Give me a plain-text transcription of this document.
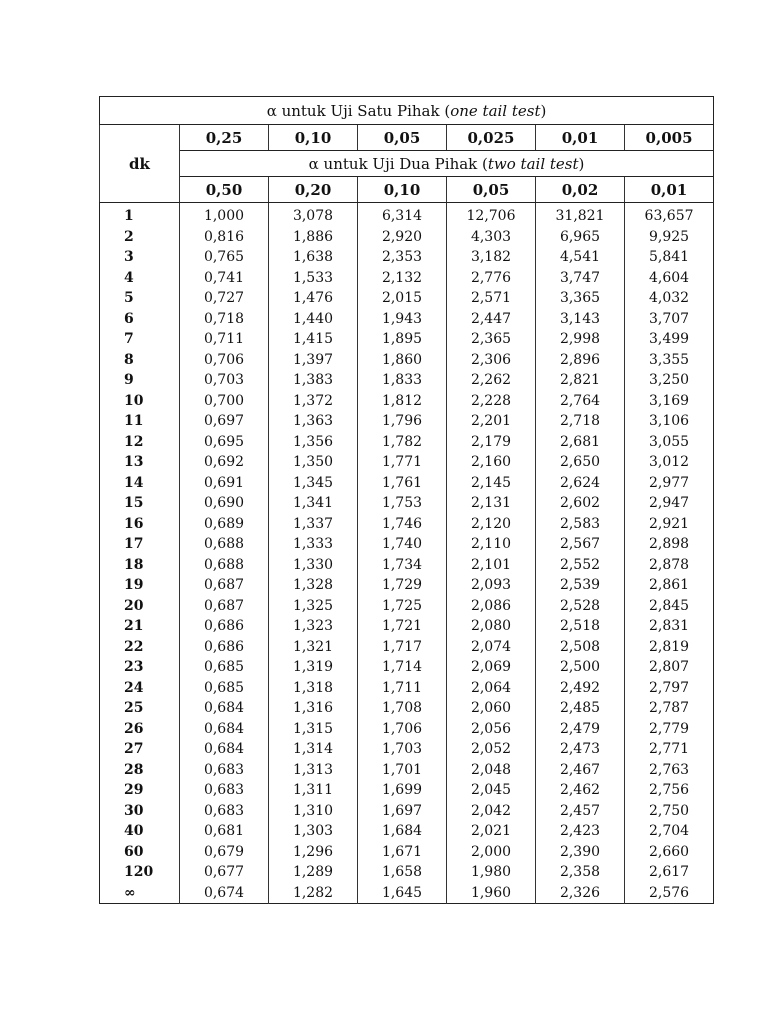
α untuk Uji Satu Pihak (one tail test)						
dk	0,25	0,10	0,05	0,025	0,01	0,005
	α untuk Uji Dua Pihak (two tail test)					
	0,50	0,20	0,10	0,05	0,02	0,01
1	1,000	3,078	6,314	12,706	31,821	63,657
2	0,816	1,886	2,920	4,303	6,965	9,925
3	0,765	1,638	2,353	3,182	4,541	5,841
4	0,741	1,533	2,132	2,776	3,747	4,604
5	0,727	1,476	2,015	2,571	3,365	4,032
6	0,718	1,440	1,943	2,447	3,143	3,707
7	0,711	1,415	1,895	2,365	2,998	3,499
8	0,706	1,397	1,860	2,306	2,896	3,355
9	0,703	1,383	1,833	2,262	2,821	3,250
10	0,700	1,372	1,812	2,228	2,764	3,169
11	0,697	1,363	1,796	2,201	2,718	3,106
12	0,695	1,356	1,782	2,179	2,681	3,055
13	0,692	1,350	1,771	2,160	2,650	3,012
14	0,691	1,345	1,761	2,145	2,624	2,977
15	0,690	1,341	1,753	2,131	2,602	2,947
16	0,689	1,337	1,746	2,120	2,583	2,921
17	0,688	1,333	1,740	2,110	2,567	2,898
18	0,688	1,330	1,734	2,101	2,552	2,878
19	0,687	1,328	1,729	2,093	2,539	2,861
20	0,687	1,325	1,725	2,086	2,528	2,845
21	0,686	1,323	1,721	2,080	2,518	2,831
22	0,686	1,321	1,717	2,074	2,508	2,819
23	0,685	1,319	1,714	2,069	2,500	2,807
24	0,685	1,318	1,711	2,064	2,492	2,797
25	0,684	1,316	1,708	2,060	2,485	2,787
26	0,684	1,315	1,706	2,056	2,479	2,779
27	0,684	1,314	1,703	2,052	2,473	2,771
28	0,683	1,313	1,701	2,048	2,467	2,763
29	0,683	1,311	1,699	2,045	2,462	2,756
30	0,683	1,310	1,697	2,042	2,457	2,750
40	0,681	1,303	1,684	2,021	2,423	2,704
60	0,679	1,296	1,671	2,000	2,390	2,660
120	0,677	1,289	1,658	1,980	2,358	2,617
∞	0,674	1,282	1,645	1,960	2,326	2,576
